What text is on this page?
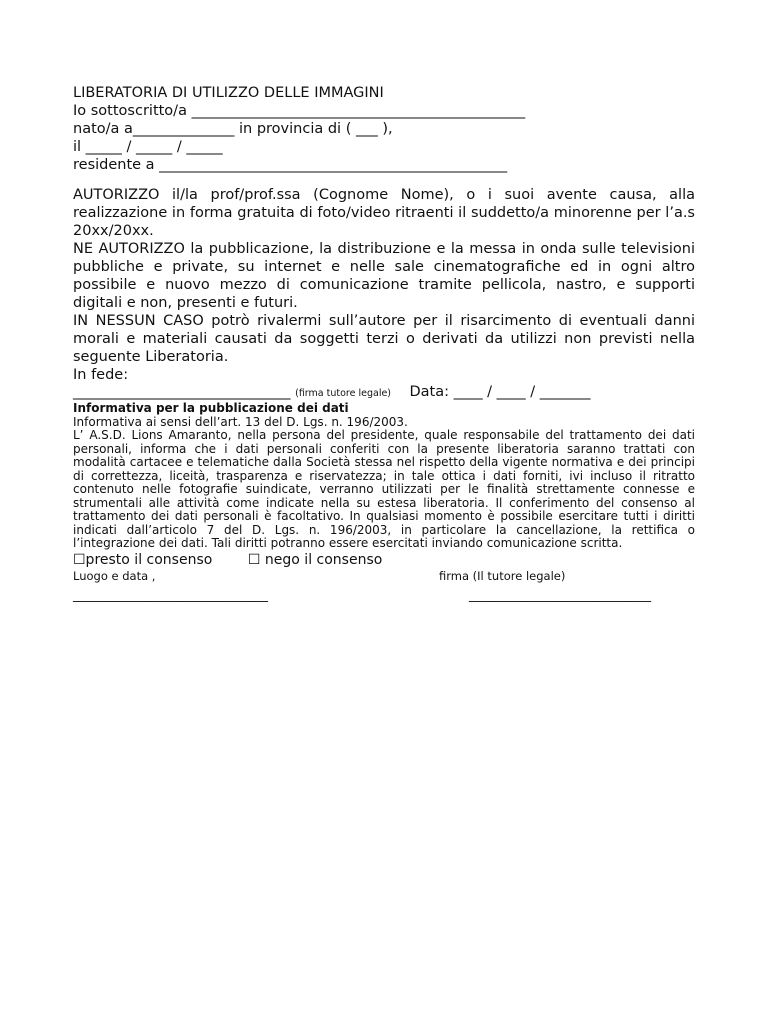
LIBERATORIA DI UTILIZZO DELLE IMMAGINI
Io sottoscritto/a ______________________________________________
nato/a a______________ in provincia di ( ___ ),
il _____ / _____ / _____
residente a ________________________________________________

AUTORIZZO il/la prof/prof.ssa (Cognome Nome), o i suoi avente causa, alla realizzazione in forma gratuita di foto/video ritraenti il suddetto/a minorenne per l’a.s 20xx/20xx.

NE AUTORIZZO la pubblicazione, la distribuzione e la messa in onda sulle televisioni pubbliche e private, su internet e nelle sale cinematografiche ed in ogni altro possibile e nuovo mezzo di comunicazione tramite pellicola, nastro, e supporti digitali e non, presenti e futuri.

IN NESSUN CASO potrò rivalermi sull’autore per il risarcimento di eventuali danni morali e materiali causati da soggetti terzi o derivati da utilizzi non previsti nella seguente Liberatoria.

In fede:
______________________________ (firma tutore legale) Data: ____ / ____ / _______

Informativa per la pubblicazione dei dati

Informativa ai sensi dell’art. 13 del D. Lgs. n. 196/2003.

L’ A.S.D. Lions Amaranto, nella persona del presidente, quale responsabile del trattamento dei dati personali, informa che i dati personali conferiti con la presente liberatoria saranno trattati con modalità cartacee e telematiche dalla Società stessa nel rispetto della vigente normativa e dei principi di correttezza, liceità, trasparenza e riservatezza; in tale ottica i dati forniti, ivi incluso il ritratto contenuto nelle fotografie suindicate, verranno utilizzati per le finalità strettamente connesse e strumentali alle attività come indicate nella su estesa liberatoria. Il conferimento del consenso al trattamento dei dati personali è facoltativo. In qualsiasi momento è possibile esercitare tutti i diritti indicati dall’articolo 7 del D. Lgs. n. 196/2003, in particolare la cancellazione, la rettifica o l’integrazione dei dati. Tali diritti potranno essere esercitati inviando comunicazione scritta.

☐presto il consenso	☐ nego il consenso
Luogo e data ,	firma (Il tutore legale)
______________________________	____________________________
